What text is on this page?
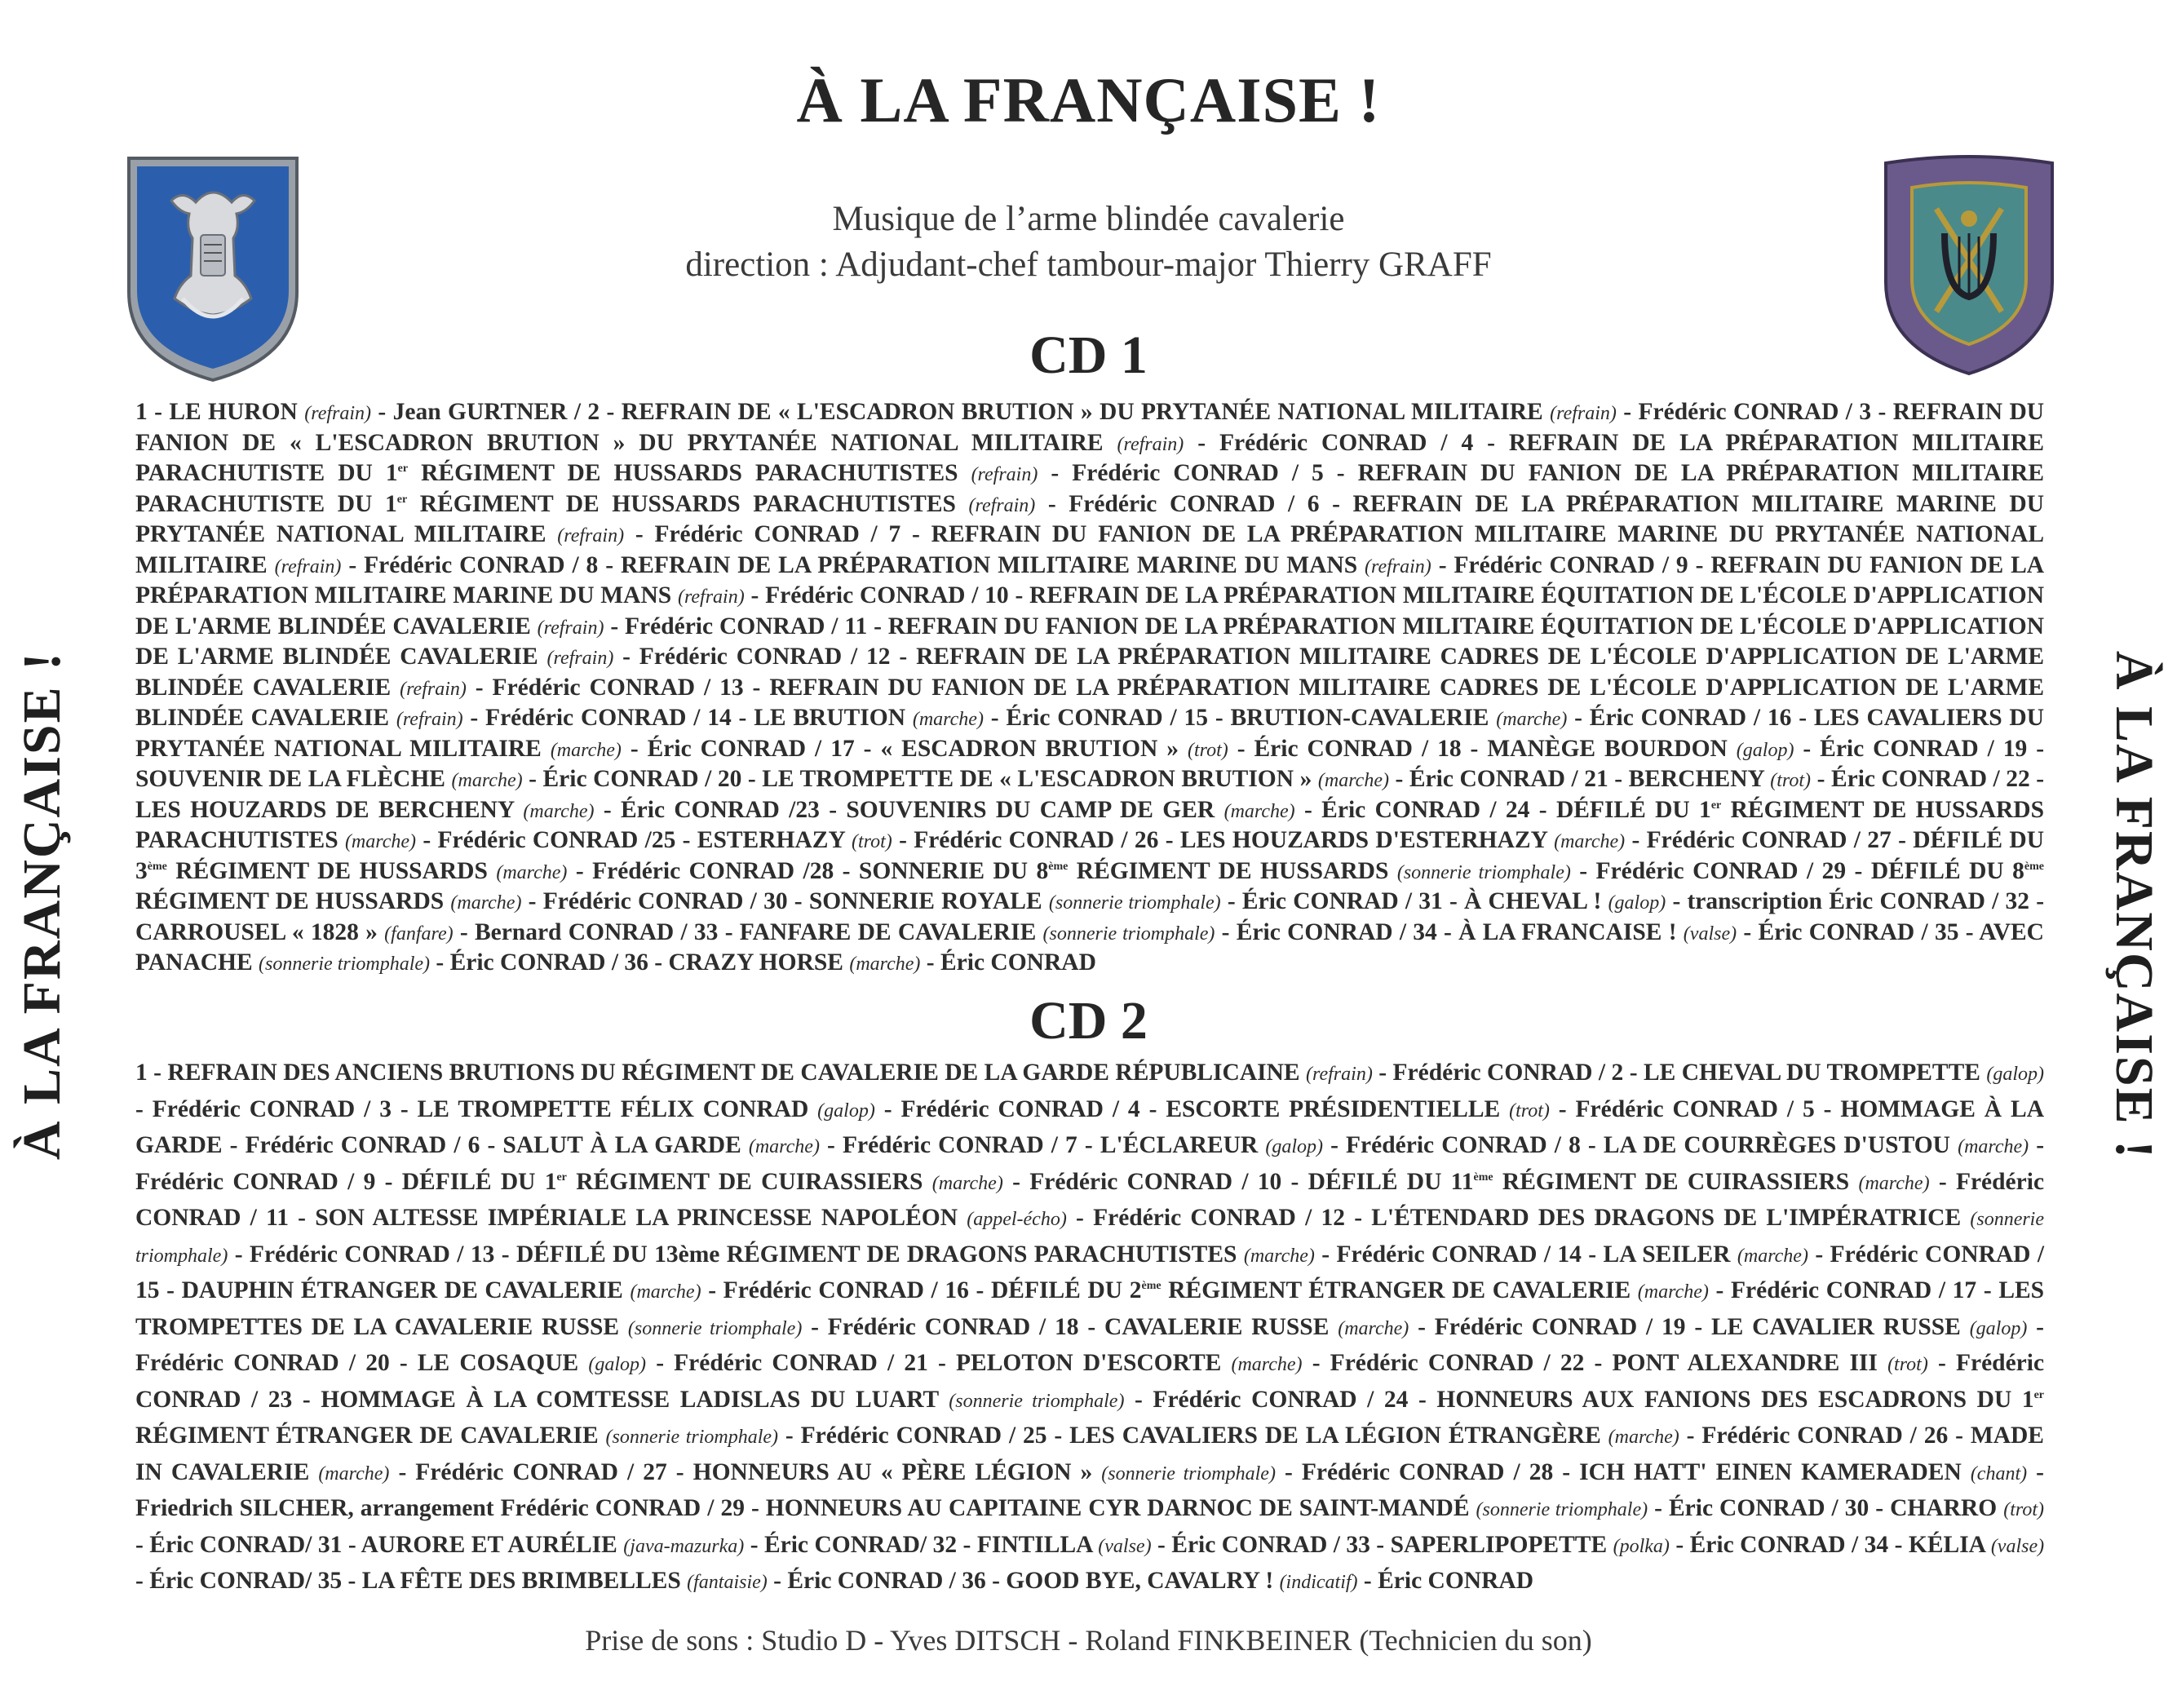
À LA FRANÇAISE !
Musique de l’arme blindée cavalerie
direction : Adjudant-chef tambour-major Thierry GRAFF
À LA FRANÇAISE !	À LA FRANÇAISE !
CD 1
1 - LE HURON (refrain) - Jean GURTNER / 2 - REFRAIN DE « L'ESCADRON BRUTION » DU PRYTANÉE NATIONAL MILITAIRE (refrain) - Frédéric CONRAD / 3 - REFRAIN DU FANION DE « L'ESCADRON BRUTION » DU PRYTANÉE NATIONAL MILITAIRE (refrain) - Frédéric CONRAD / 4 - REFRAIN DE LA PRÉPARATION MILITAIRE PARACHUTISTE DU 1er RÉGIMENT DE HUSSARDS PARACHUTISTES (refrain) - Frédéric CONRAD / 5 - REFRAIN DU FANION DE LA PRÉPARATION MILITAIRE PARACHUTISTE DU 1er RÉGIMENT DE HUSSARDS PARACHUTISTES (refrain) - Frédéric CONRAD / 6 - REFRAIN DE LA PRÉPARATION MILITAIRE MARINE DU PRYTANÉE NATIONAL MILITAIRE (refrain) - Frédéric CONRAD / 7 - REFRAIN DU FANION DE LA PRÉPARATION MILITAIRE MARINE DU PRYTANÉE NATIONAL MILITAIRE (refrain) - Frédéric CONRAD / 8 - REFRAIN DE LA PRÉPARATION MILITAIRE MARINE DU MANS (refrain) - Frédéric CONRAD / 9 - REFRAIN DU FANION DE LA PRÉPARATION MILITAIRE MARINE DU MANS (refrain) - Frédéric CONRAD / 10 - REFRAIN DE LA PRÉPARATION MILITAIRE ÉQUITATION DE L'ÉCOLE D'APPLICATION DE L'ARME BLINDÉE CAVALERIE (refrain) - Frédéric CONRAD / 11 - REFRAIN DU FANION DE LA PRÉPARATION MILITAIRE ÉQUITATION DE L'ÉCOLE D'APPLICATION DE L'ARME BLINDÉE CAVALERIE (refrain) - Frédéric CONRAD / 12 - REFRAIN DE LA PRÉPARATION MILITAIRE CADRES DE L'ÉCOLE D'APPLICATION DE L'ARME BLINDÉE CAVALERIE (refrain) - Frédéric CONRAD / 13 - REFRAIN DU FANION DE LA PRÉPARATION MILITAIRE CADRES DE L'ÉCOLE D'APPLICATION DE L'ARME BLINDÉE CAVALERIE (refrain) - Frédéric CONRAD / 14 - LE BRUTION (marche) - Éric CONRAD / 15 - BRUTION-CAVALERIE (marche) - Éric CONRAD / 16 - LES CAVALIERS DU PRYTANÉE NATIONAL MILITAIRE (marche) - Éric CONRAD / 17 - « ESCADRON BRUTION » (trot) - Éric CONRAD / 18 - MANÈGE BOURDON (galop) - Éric CONRAD / 19 - SOUVENIR DE LA FLÈCHE (marche) - Éric CONRAD / 20 - LE TROMPETTE DE « L'ESCADRON BRUTION » (marche) - Éric CONRAD / 21 - BERCHENY (trot) - Éric CONRAD / 22 - LES HOUZARDS DE BERCHENY (marche) - Éric CONRAD /23 - SOUVENIRS DU CAMP DE GER (marche) - Éric CONRAD / 24 - DÉFILÉ DU 1er RÉGIMENT DE HUSSARDS PARACHUTISTES (marche) - Frédéric CONRAD /25 - ESTERHAZY (trot) - Frédéric CONRAD / 26 - LES HOUZARDS D'ESTERHAZY (marche) - Frédéric CONRAD / 27 - DÉFILÉ DU 3ème RÉGIMENT DE HUSSARDS (marche) - Frédéric CONRAD /28 - SONNERIE DU 8ème RÉGIMENT DE HUSSARDS (sonnerie triomphale) - Frédéric CONRAD / 29 - DÉFILÉ DU 8ème RÉGIMENT DE HUSSARDS (marche) - Frédéric CONRAD / 30 - SONNERIE ROYALE (sonnerie triomphale) - Éric CONRAD / 31 - À CHEVAL ! (galop) - transcription Éric CONRAD / 32 - CARROUSEL « 1828 » (fanfare) - Bernard CONRAD / 33 - FANFARE DE CAVALERIE (sonnerie triomphale) - Éric CONRAD / 34 - À LA FRANCAISE ! (valse) - Éric CONRAD / 35 - AVEC PANACHE (sonnerie triomphale) - Éric CONRAD / 36 - CRAZY HORSE (marche) - Éric CONRAD
CD 2
1 - REFRAIN DES ANCIENS BRUTIONS DU RÉGIMENT DE CAVALERIE DE LA GARDE RÉPUBLICAINE (refrain) - Frédéric CONRAD / 2 - LE CHEVAL DU TROMPETTE (galop) - Frédéric CONRAD / 3 - LE TROMPETTE FÉLIX CONRAD (galop) - Frédéric CONRAD / 4 - ESCORTE PRÉSIDENTIELLE (trot) - Frédéric CONRAD / 5 - HOMMAGE À LA GARDE - Frédéric CONRAD / 6 - SALUT À LA GARDE (marche) - Frédéric CONRAD / 7 - L'ÉCLAREUR (galop) - Frédéric CONRAD / 8 - LA DE COURRÈGES D'USTOU (marche) - Frédéric CONRAD / 9 - DÉFILÉ DU 1er RÉGIMENT DE CUIRASSIERS (marche) - Frédéric CONRAD / 10 - DÉFILÉ DU 11ème RÉGIMENT DE CUIRASSIERS (marche) - Frédéric CONRAD / 11 - SON ALTESSE IMPÉRIALE LA PRINCESSE NAPOLÉON (appel-écho) - Frédéric CONRAD / 12 - L'ÉTENDARD DES DRAGONS DE L'IMPÉRATRICE (sonnerie triomphale) - Frédéric CONRAD / 13 - DÉFILÉ DU 13ème RÉGIMENT DE DRAGONS PARACHUTISTES (marche) - Frédéric CONRAD / 14 - LA SEILER (marche) - Frédéric CONRAD / 15 - DAUPHIN ÉTRANGER DE CAVALERIE (marche) - Frédéric CONRAD / 16 - DÉFILÉ DU 2ème RÉGIMENT ÉTRANGER DE CAVALERIE (marche) - Frédéric CONRAD / 17 - LES TROMPETTES DE LA CAVALERIE RUSSE (sonnerie triomphale) - Frédéric CONRAD / 18 - CAVALERIE RUSSE (marche) - Frédéric CONRAD / 19 - LE CAVALIER RUSSE (galop) - Frédéric CONRAD / 20 - LE COSAQUE (galop) - Frédéric CONRAD / 21 - PELOTON D'ESCORTE (marche) - Frédéric CONRAD / 22 - PONT ALEXANDRE III (trot) - Frédéric CONRAD / 23 - HOMMAGE À LA COMTESSE LADISLAS DU LUART (sonnerie triomphale) - Frédéric CONRAD / 24 - HONNEURS AUX FANIONS DES ESCADRONS DU 1er RÉGIMENT ÉTRANGER DE CAVALERIE (sonnerie triomphale) - Frédéric CONRAD / 25 - LES CAVALIERS DE LA LÉGION ÉTRANGÈRE (marche) - Frédéric CONRAD / 26 - MADE IN CAVALERIE (marche) - Frédéric CONRAD / 27 - HONNEURS AU « PÈRE LÉGION » (sonnerie triomphale) - Frédéric CONRAD / 28 - ICH HATT' EINEN KAMERADEN (chant) - Friedrich SILCHER, arrangement Frédéric CONRAD / 29 - HONNEURS AU CAPITAINE CYR DARNOC DE SAINT-MANDÉ (sonnerie triomphale) - Éric CONRAD / 30 - CHARRO (trot) - Éric CONRAD/ 31 - AURORE ET AURÉLIE (java-mazurka) - Éric CONRAD/ 32 - FINTILLA (valse) - Éric CONRAD / 33 - SAPERLIPOPETTE (polka) - Éric CONRAD / 34 - KÉLIA (valse) - Éric CONRAD/ 35 - LA FÊTE DES BRIMBELLES (fantaisie) - Éric CONRAD / 36 - GOOD BYE, CAVALRY ! (indicatif) - Éric CONRAD
Prise de sons : Studio D - Yves DITSCH - Roland FINKBEINER (Technicien du son)
